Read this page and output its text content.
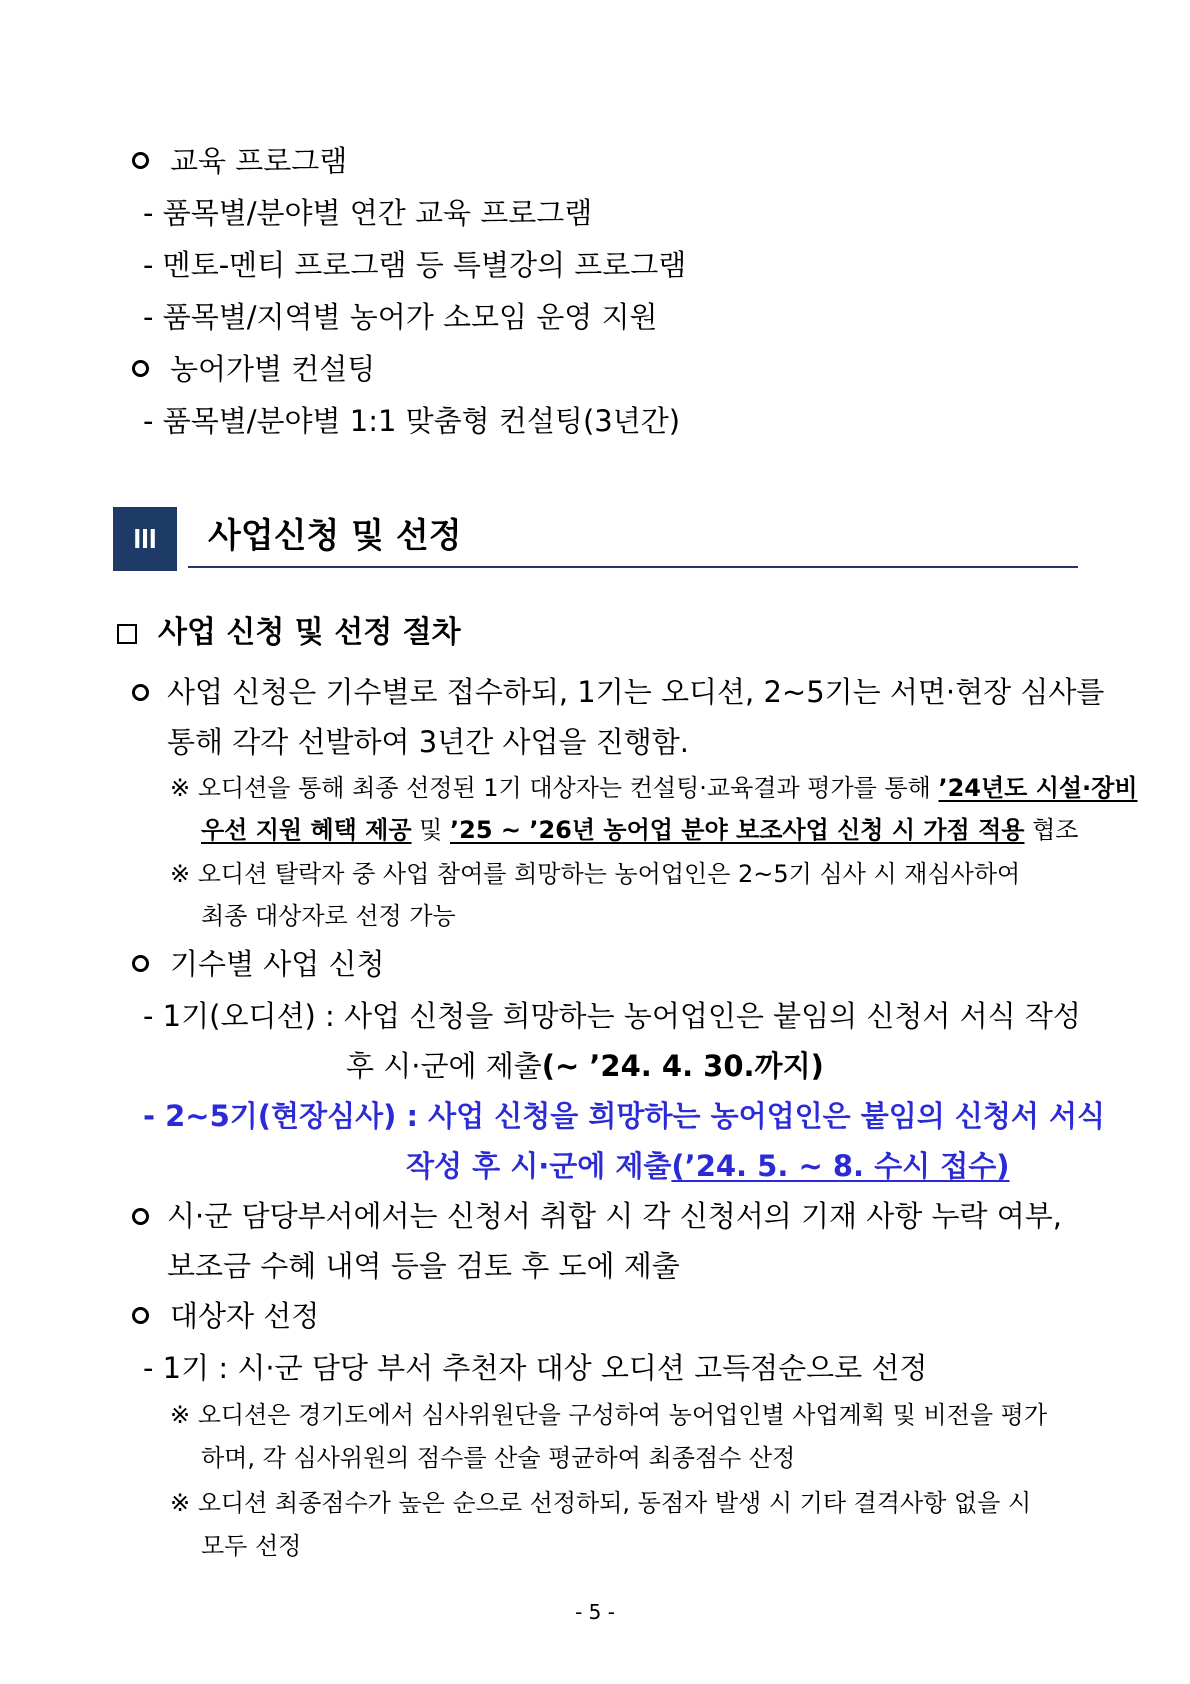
교육 프로그램
- 품목별/분야별 연간 교육 프로그램
- 멘토-멘티 프로그램 등 특별강의 프로그램
- 품목별/지역별 농어가 소모임 운영 지원
농어가별 컨설팅
- 품목별/분야별 1:1 맞춤형 컨설팅(3년간)
III	사업신청 및 선정
사업 신청 및 선정 절차
사업 신청은 기수별로 접수하되, 1기는 오디션, 2~5기는 서면·현장 심사를
통해 각각 선발하여 3년간 사업을 진행함.
※ 오디션을 통해 최종 선정된 1기 대상자는 컨설팅·교육결과 평가를 통해 ’24년도 시설·장비
우선 지원 혜택 제공 및 ’25 ~ ’26년 농어업 분야 보조사업 신청 시 가점 적용 협조
※ 오디션 탈락자 중 사업 참여를 희망하는 농어업인은 2~5기 심사 시 재심사하여
최종 대상자로 선정 가능
기수별 사업 신청
- 1기(오디션) : 사업 신청을 희망하는 농어업인은 붙임의 신청서 서식 작성
후 시·군에 제출(~ ’24. 4. 30.까지)
- 2~5기(현장심사) : 사업 신청을 희망하는 농어업인은 붙임의 신청서 서식
작성 후 시·군에 제출(’24. 5. ~ 8. 수시 접수)
시·군 담당부서에서는 신청서 취합 시 각 신청서의 기재 사항 누락 여부,
보조금 수혜 내역 등을 검토 후 도에 제출
대상자 선정
- 1기 : 시·군 담당 부서 추천자 대상 오디션 고득점순으로 선정
※ 오디션은 경기도에서 심사위원단을 구성하여 농어업인별 사업계획 및 비전을 평가
하며, 각 심사위원의 점수를 산술 평균하여 최종점수 산정
※ 오디션 최종점수가 높은 순으로 선정하되, 동점자 발생 시 기타 결격사항 없을 시
모두 선정
- 5 -
